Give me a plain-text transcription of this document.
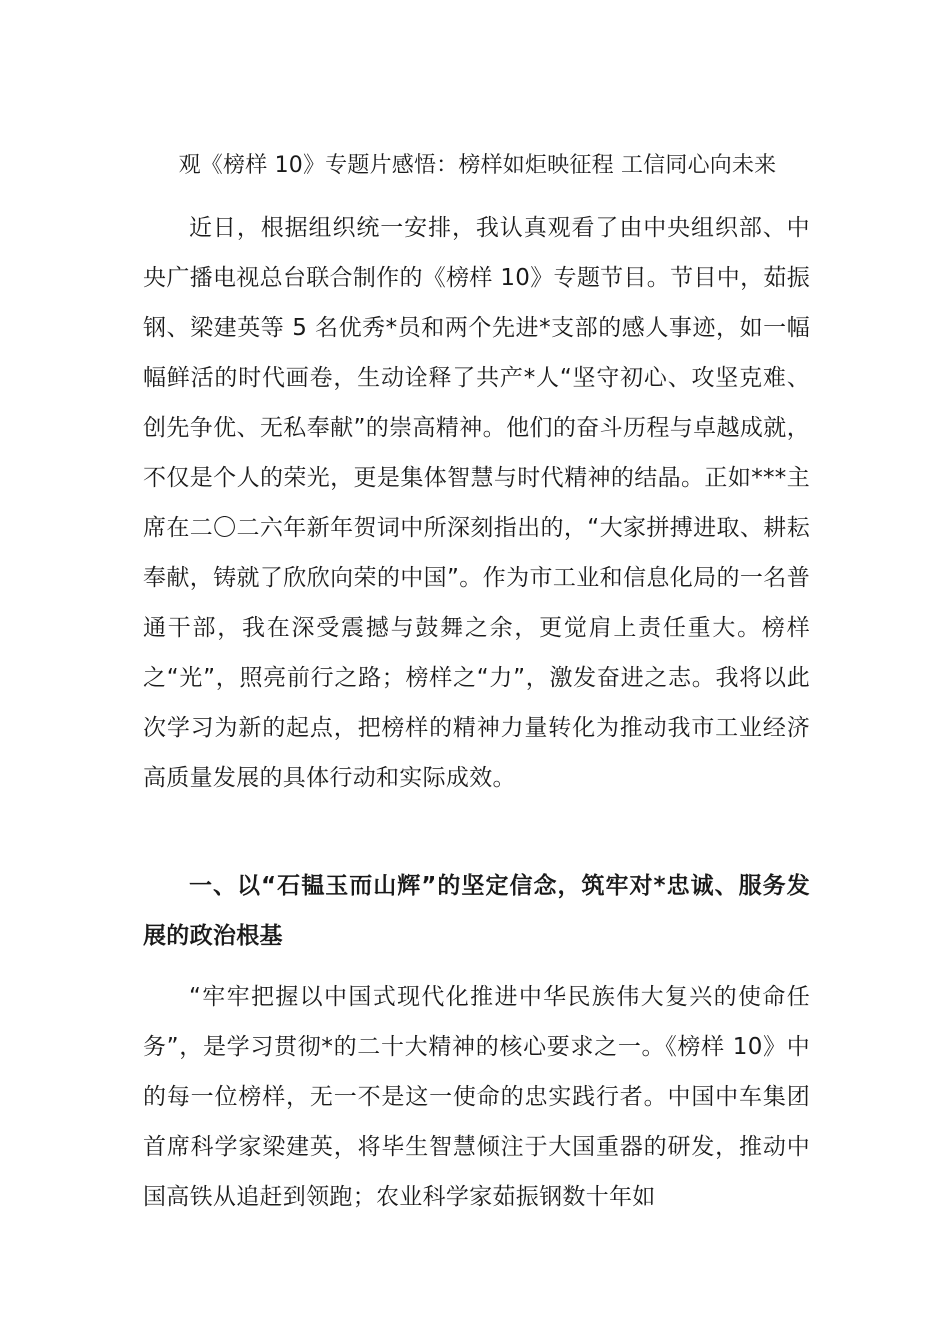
观《榜样 10》专题片感悟：榜样如炬映征程 工信同心向未来

近日，根据组织统一安排，我认真观看了由中央组织部、中央广播电视总台联合制作的《榜样 10》专题节目。节目中，茹振钢、梁建英等 5 名优秀*员和两个先进*支部的感人事迹，如一幅幅鲜活的时代画卷，生动诠释了共产*人“坚守初心、攻坚克难、创先争优、无私奉献”的崇高精神。他们的奋斗历程与卓越成就，不仅是个人的荣光，更是集体智慧与时代精神的结晶。正如***主席在二〇二六年新年贺词中所深刻指出的，“大家拼搏进取、耕耘奉献，铸就了欣欣向荣的中国”。作为市工业和信息化局的一名普通干部，我在深受震撼与鼓舞之余，更觉肩上责任重大。榜样之“光”，照亮前行之路；榜样之“力”，激发奋进之志。我将以此次学习为新的起点，把榜样的精神力量转化为推动我市工业经济高质量发展的具体行动和实际成效。

一、以“石韫玉而山辉”的坚定信念，筑牢对*忠诚、服务发展的政治根基

“牢牢把握以中国式现代化推进中华民族伟大复兴的使命任务”，是学习贯彻*的二十大精神的核心要求之一。《榜样 10》中的每一位榜样，无一不是这一使命的忠实践行者。中国中车集团首席科学家梁建英，将毕生智慧倾注于大国重器的研发，推动中国高铁从追赶到领跑；农业科学家茹振钢数十年如
